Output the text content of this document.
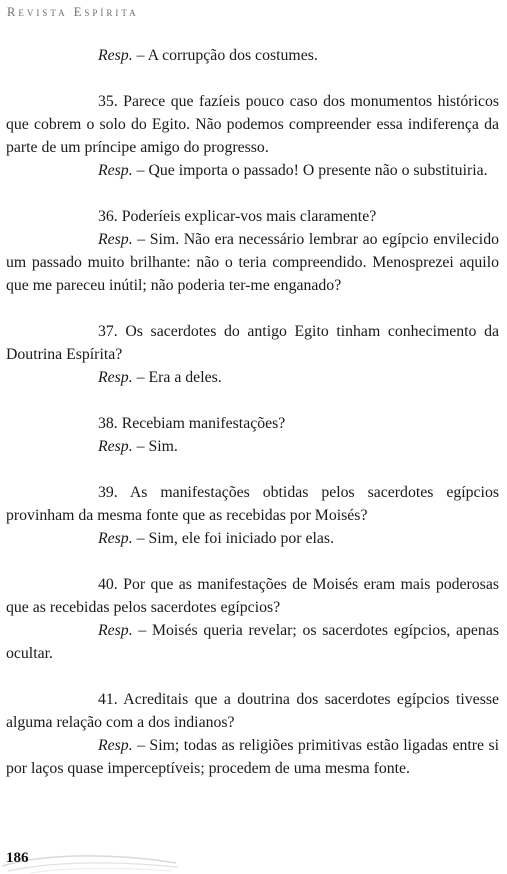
Revista Espírita

Resp. – A corrupção dos costumes.

35. Parece que fazíeis pouco caso dos monumentos históricos que cobrem o solo do Egito. Não podemos compreender essa indiferença da parte de um príncipe amigo do progresso.

Resp. – Que importa o passado! O presente não o substituiria.

36. Poderíeis explicar-vos mais claramente?

Resp. – Sim. Não era necessário lembrar ao egípcio envilecido um passado muito brilhante: não o teria compreendido. Menosprezei aquilo que me pareceu inútil; não poderia ter-me enganado?

37. Os sacerdotes do antigo Egito tinham conhecimento da Doutrina Espírita?

Resp. – Era a deles.

38. Recebiam manifestações?

Resp. – Sim.

39. As manifestações obtidas pelos sacerdotes egípcios provinham da mesma fonte que as recebidas por Moisés?

Resp. – Sim, ele foi iniciado por elas.

40. Por que as manifestações de Moisés eram mais poderosas que as recebidas pelos sacerdotes egípcios?

Resp. – Moisés queria revelar; os sacerdotes egípcios, apenas ocultar.

41. Acreditais que a doutrina dos sacerdotes egípcios tivesse alguma relação com a dos indianos?

Resp. – Sim; todas as religiões primitivas estão ligadas entre si por laços quase imperceptíveis; procedem de uma mesma fonte.

186
